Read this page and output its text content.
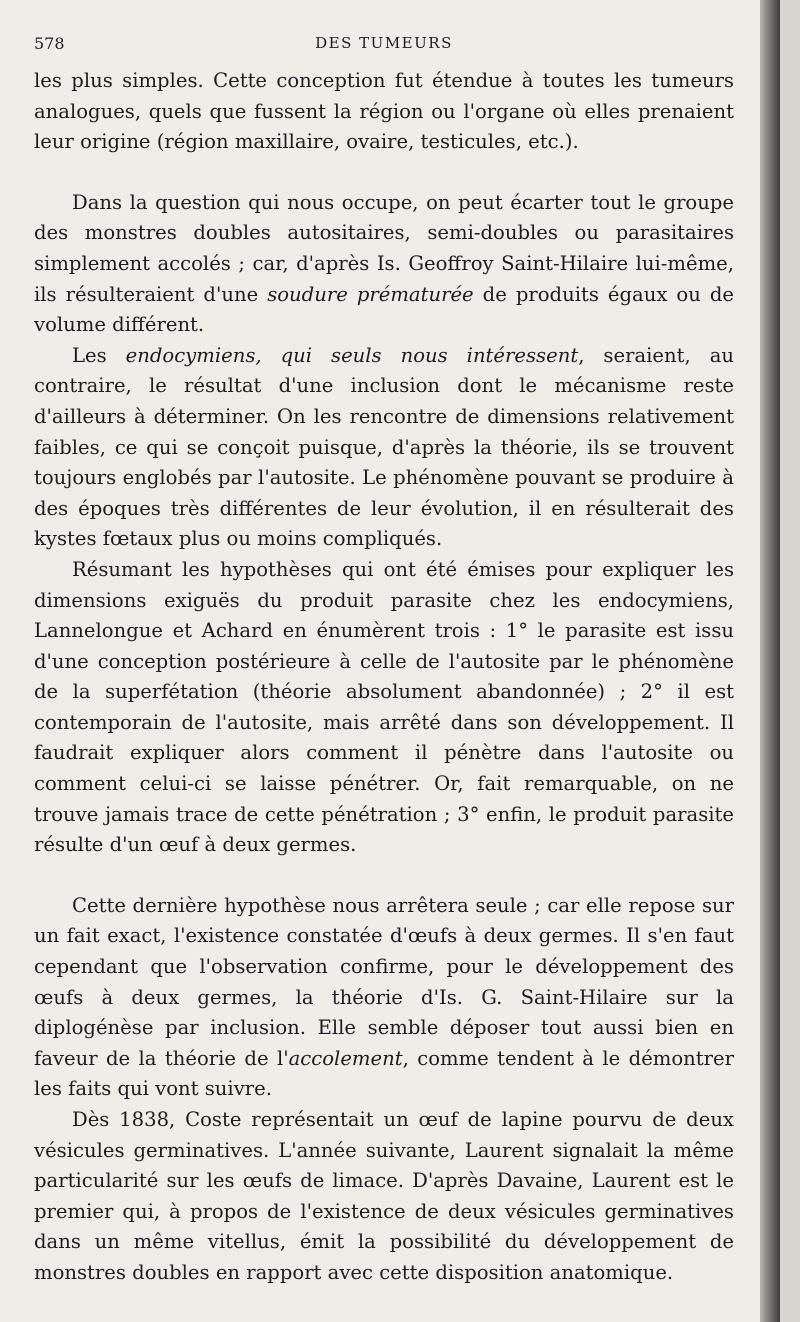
578	DES TUMEURS

les plus simples. Cette conception fut étendue à toutes les tumeurs analogues, quels que fussent la région ou l'organe où elles prenaient leur origine (région maxillaire, ovaire, testicules, etc.).

Dans la question qui nous occupe, on peut écarter tout le groupe des monstres doubles autositaires, semi-doubles ou parasitaires simplement accolés ; car, d'après Is. Geoffroy Saint-Hilaire lui-même, ils résulteraient d'une soudure prématurée de produits égaux ou de volume différent.

Les endocymiens, qui seuls nous intéressent, seraient, au contraire, le résultat d'une inclusion dont le mécanisme reste d'ailleurs à déterminer. On les rencontre de dimensions relativement faibles, ce qui se conçoit puisque, d'après la théorie, ils se trouvent toujours englobés par l'autosite. Le phénomène pouvant se produire à des époques très différentes de leur évolution, il en résulterait des kystes fœtaux plus ou moins compliqués.

Résumant les hypothèses qui ont été émises pour expliquer les dimensions exiguës du produit parasite chez les endocymiens, Lannelongue et Achard en énumèrent trois : 1° le parasite est issu d'une conception postérieure à celle de l'autosite par le phénomène de la superfétation (théorie absolument abandonnée) ; 2° il est contemporain de l'autosite, mais arrêté dans son développement. Il faudrait expliquer alors comment il pénètre dans l'autosite ou comment celui-ci se laisse pénétrer. Or, fait remarquable, on ne trouve jamais trace de cette pénétration ; 3° enfin, le produit parasite résulte d'un œuf à deux germes.

Cette dernière hypothèse nous arrêtera seule ; car elle repose sur un fait exact, l'existence constatée d'œufs à deux germes. Il s'en faut cependant que l'observation confirme, pour le développement des œufs à deux germes, la théorie d'Is. G. Saint-Hilaire sur la diplogénèse par inclusion. Elle semble déposer tout aussi bien en faveur de la théorie de l'accolement, comme tendent à le démontrer les faits qui vont suivre.

Dès 1838, Coste représentait un œuf de lapine pourvu de deux vésicules germinatives. L'année suivante, Laurent signalait la même particularité sur les œufs de limace. D'après Davaine, Laurent est le premier qui, à propos de l'existence de deux vésicules germinatives dans un même vitellus, émit la possibilité du développement de monstres doubles en rapport avec cette disposition anatomique.
